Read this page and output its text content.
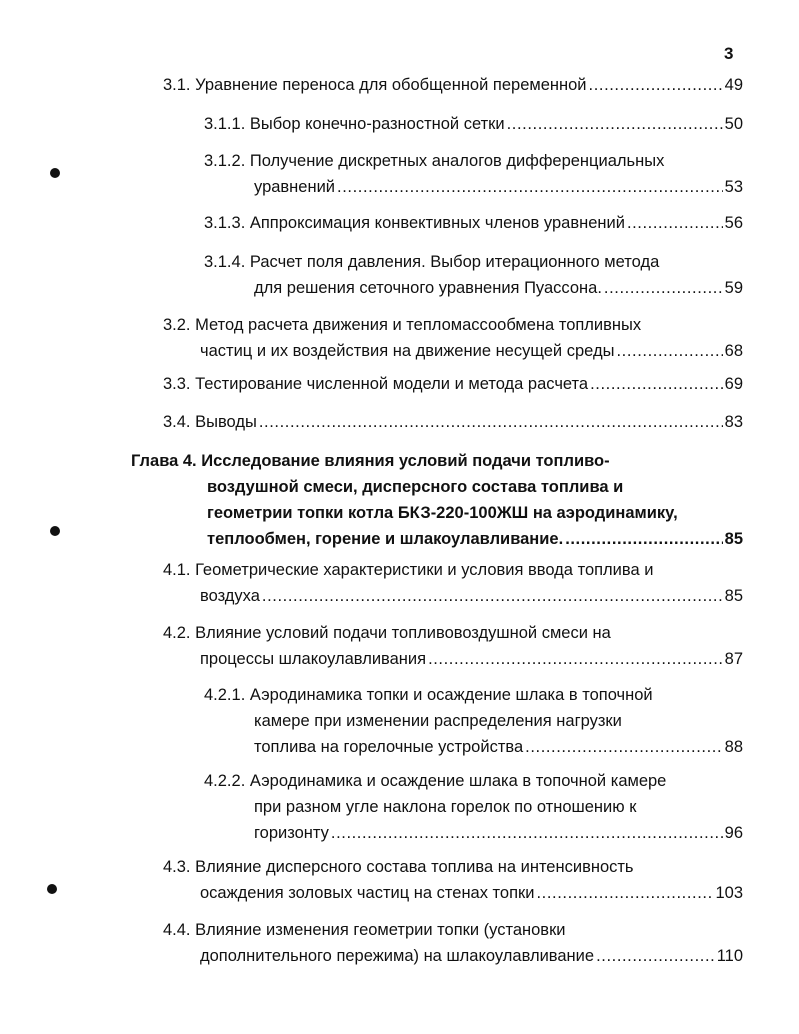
3
3.1. Уравнение переноса для обобщенной переменной .....	49
3.1.1. Выбор конечно-разностной сетки .....	50
3.1.2. Получение дискретных аналогов дифференциальных
уравнений .....	53
3.1.3. Аппроксимация конвективных членов уравнений .....	56
3.1.4. Расчет поля давления. Выбор итерационного метода
для решения сеточного уравнения Пуассона. .....	59
3.2. Метод расчета движения и тепломассообмена топливных
частиц и их воздействия на движение несущей среды .....	68
3.3. Тестирование численной модели и метода расчета .....	69
3.4. Выводы .....	83
Глава 4. Исследование влияния условий подачи топливо-
воздушной смеси, дисперсного состава топлива и
геометрии топки котла БКЗ-220-100ЖШ на аэродинамику,
теплообмен, горение и шлакоулавливание. .....	85
4.1. Геометрические характеристики и условия ввода топлива и
воздуха .....	85
4.2. Влияние условий подачи топливовоздушной смеси на
процессы шлакоулавливания .....	87
4.2.1. Аэродинамика топки и осаждение шлака в топочной
камере при изменении распределения нагрузки
топлива на горелочные устройства .....	88
4.2.2. Аэродинамика и осаждение шлака в топочной камере
при разном угле наклона горелок по отношению к
горизонту .....	96
4.3. Влияние дисперсного состава топлива на интенсивность
осаждения золовых частиц на стенах топки .....	103
4.4. Влияние изменения геометрии топки (установки
дополнительного пережима) на шлакоулавливание .....	110
